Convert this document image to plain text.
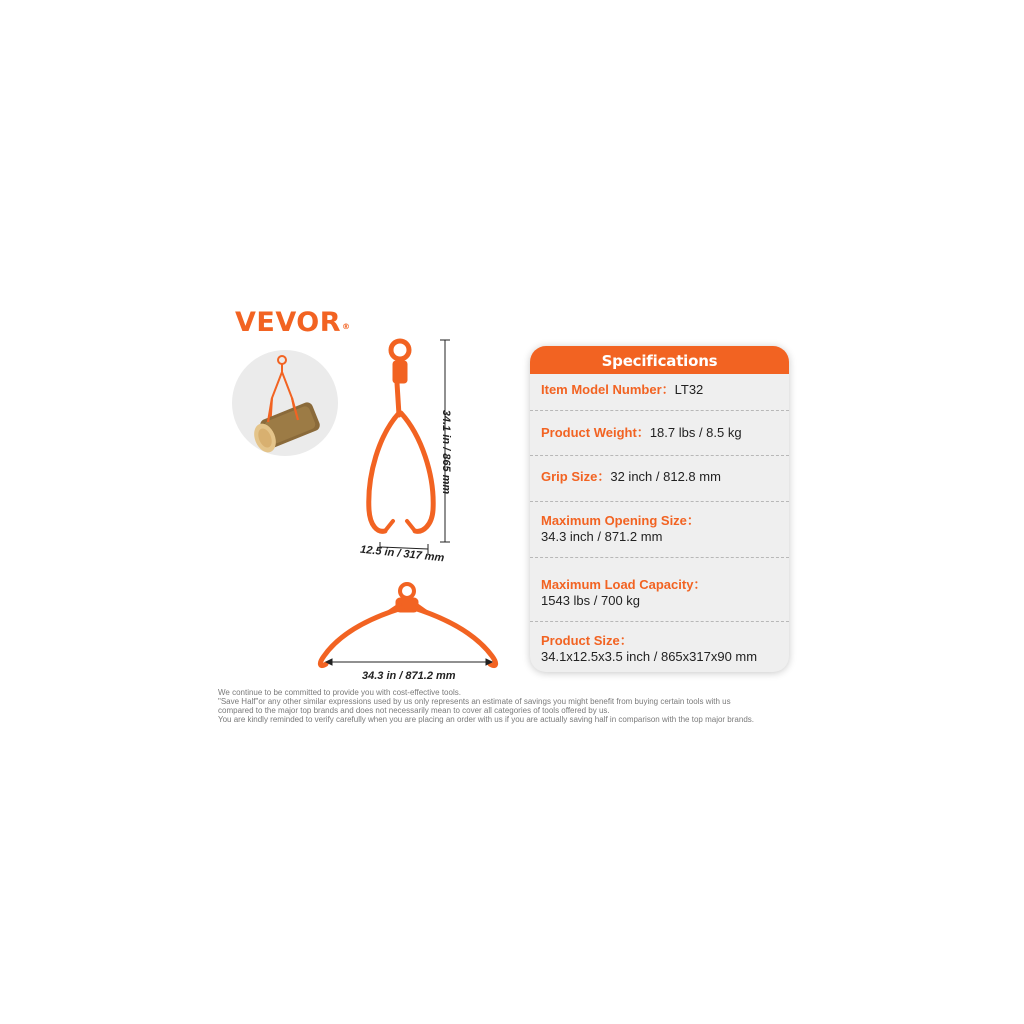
VEVOR®
34.1 in / 865 mm
12.5 in / 317 mm
34.3 in / 871.2 mm
Specifications
Item Model Number：LT32
Product Weight：18.7 lbs / 8.5 kg
Grip Size：32 inch / 812.8 mm
Maximum Opening Size：
34.3 inch / 871.2 mm
Maximum Load Capacity：
1543 lbs / 700 kg
Product Size：
34.1x12.5x3.5 inch / 865x317x90 mm
We continue to be committed to provide you with cost-effective tools.
"Save Half"or any other similar expressions used by us only represents an estimate of savings you might benefit from buying certain tools with us
compared to the major top brands and does not necessarily mean to cover all categories of tools offered by us.
You are kindly reminded to verify carefully when you are placing an order with us if you are actually saving half in comparison with the top major brands.
